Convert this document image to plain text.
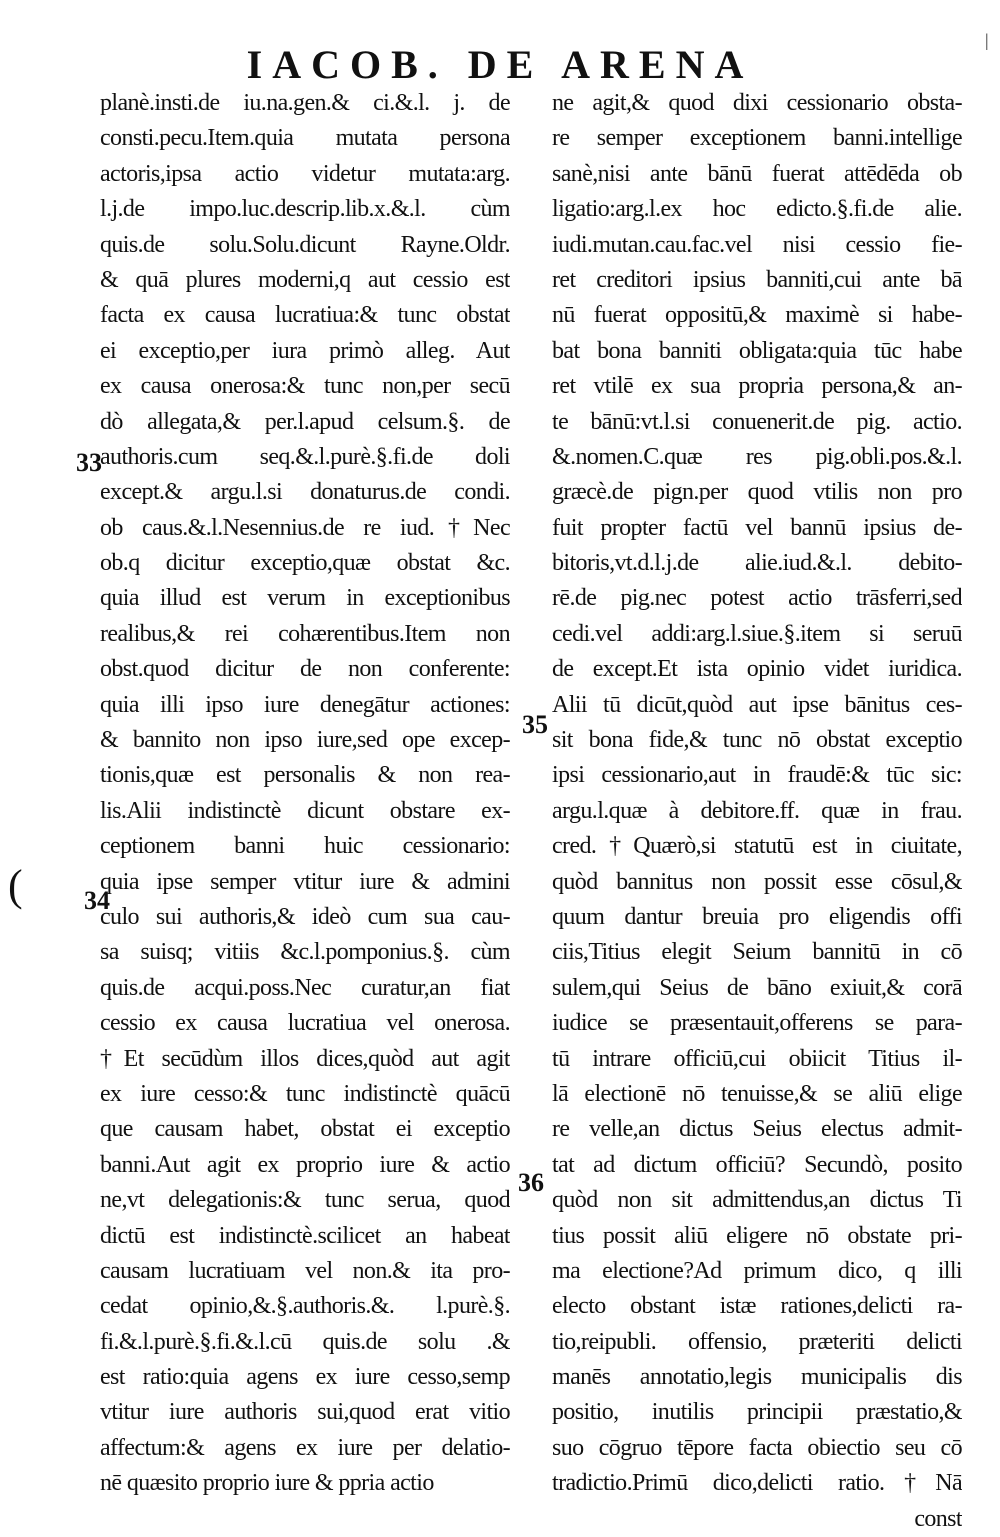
IACOB. DE ARENA
planè.insti.de iu.na.gen.& ci.&.l. j. de
consti.pecu.Item.quia mutata persona
actoris,ipsa actio videtur mutata:arg.
l.j.de impo.luc.descrip.lib.x.&.l. cùm
quis.de solu.Solu.dicunt Rayne.Oldr.
& quā plures moderni,q aut cessio est
facta ex causa lucratiua:& tunc obstat
ei exceptio,per iura primò alleg. Aut
ex causa onerosa:& tunc non,per secū
dò allegata,& per.l.apud celsum.§. de
authoris.cum seq.&.l.purè.§.fi.de doli
except.& argu.l.si donaturus.de condi.
ob caus.&.l.Nesennius.de re iud.†Nec
ob.q dicitur exceptio,quæ obstat &c.
quia illud est verum in exceptionibus
realibus,& rei cohærentibus.Item non
obst.quod dicitur de non conferente:
quia illi ipso iure denegātur actiones:
& bannito non ipso iure,sed ope excep-
tionis,quæ est personalis & non rea-
lis.Alii indistinctè dicunt obstare ex-
ceptionem banni huic cessionario:
quia ipse semper vtitur iure & admini
culo sui authoris,& ideò cum sua cau-
sa suisq; vitiis &c.l.pomponius.§. cùm
quis.de acqui.poss.Nec curatur,an fiat
cessio ex causa lucratiua vel onerosa.
†Et secūdùm illos dices,quòd aut agit
ex iure cesso:& tunc indistinctè quācū
que causam habet, obstat ei exceptio
banni.Aut agit ex proprio iure & actio
ne,vt delegationis:& tunc serua, quod
dictū est indistinctè.scilicet an habeat
causam lucratiuam vel non.& ita pro-
cedat opinio,&.§.authoris.&. l.purè.§.
fi.&.l.purè.§.fi.&.l.cū quis.de solu .&
est ratio:quia agens ex iure cesso,semp
vtitur iure authoris sui,quod erat vitio
affectum:& agens ex iure per delatio-
nē quæsito proprio iure & ppria actio
ne agit,& quod dixi cessionario obsta-
re semper exceptionem banni.intellige
sanè,nisi ante bānū fuerat attēdēda ob
ligatio:arg.l.ex hoc edicto.§.fi.de alie.
iudi.mutan.cau.fac.vel nisi cessio fie-
ret creditori ipsius banniti,cui ante bā
nū fuerat oppositū,& maximè si habe-
bat bona banniti obligata:quia tūc habe
ret vtilē ex sua propria persona,& an-
te bānū:vt.l.si conuenerit.de pig. actio.
&.nomen.C.quæ res pig.obli.pos.&.l.
græcè.de pign.per quod vtilis non pro
fuit propter factū vel bannū ipsius de-
bitoris,vt.d.l.j.de alie.iud.&.l. debito-
rē.de pig.nec potest actio trāsferri,sed
cedi.vel addi:arg.l.siue.§.item si seruū
de except.Et ista opinio videt iuridica.
Alii tū dicūt,quòd aut ipse bānitus ces-
sit bona fide,& tunc nō obstat exceptio
ipsi cessionario,aut in fraudē:& tūc sic:
argu.l.quæ à debitore.ff. quæ in frau.
cred.†Quærò,si statutū est in ciuitate,
quòd bannitus non possit esse cōsul,&
quum dantur breuia pro eligendis offi
ciis,Titius elegit Seium bannitū in cō
sulem,qui Seius de bāno exiuit,& corā
iudice se præsentauit,offerens se para-
tū intrare officiū,cui obiicit Titius il-
lā electionē nō tenuisse,& se aliū elige
re velle,an dictus Seius electus admit-
tat ad dictum officiū? Secundò, posito
quòd non sit admittendus,an dictus Ti
tius possit aliū eligere nō obstate pri-
ma electione?Ad primum dico, q illi
electo obstant istæ rationes,delicti ra-
tio,reipubli. offensio, præteriti delicti
manēs annotatio,legis municipalis dis
positio, inutilis principii præstatio,&
suo cōgruo tēpore facta obiectio seu cō
tradictio.Primū dico,delicti ratio.†Nā
const
33
34
35
36
(
|
